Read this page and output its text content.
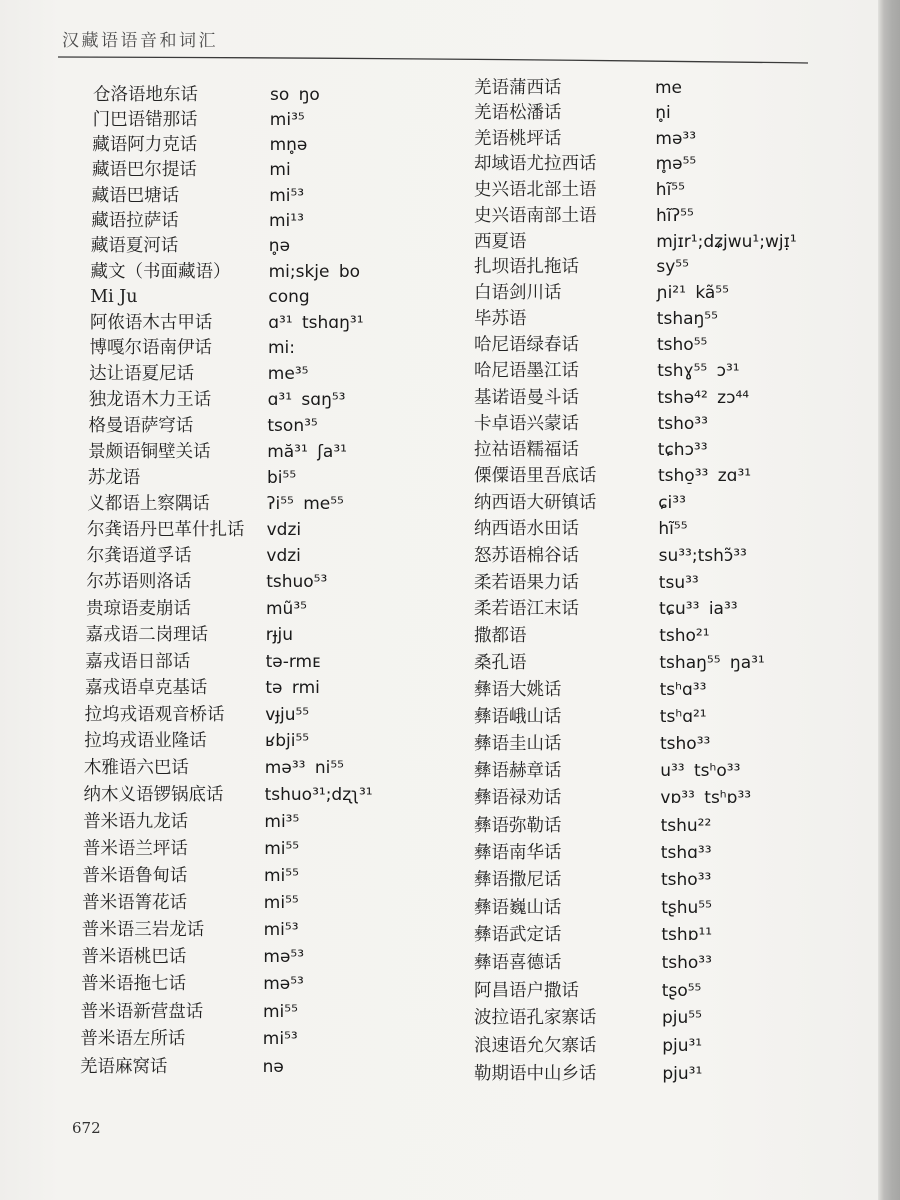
汉藏语语音和词汇
仓洛语地东话	so ŋo
门巴语错那话	mi³⁵
藏语阿力克话	mn̥ə
藏语巴尔提话	mi
藏语巴塘话	mi⁵³
藏语拉萨话	mi¹³
藏语夏河话	n̥ə
藏文（书面藏语） mi;skje bo
Mi Ju	cong
阿侬语木古甲话	ɑ³¹ tshɑŋ³¹
博嘎尔语南伊话	mi:
达让语夏尼话	me³⁵
独龙语木力王话	ɑ³¹ sɑŋ⁵³
格曼语萨穹话	tson³⁵
景颇语铜壁关话	mă³¹ ʃa³¹
苏龙语	bi⁵⁵
义都语上察隅话	ʔi⁵⁵ me⁵⁵
尔龚语丹巴革什扎话 vdzi
尔龚语道孚话	vdzi
尔苏语则洛话	tshuo⁵³
贵琼语麦崩话	mũ³⁵
嘉戎语二岗理话	rɟju
嘉戎语日部话	tə-rmᴇ
嘉戎语卓克基话	tə rmi
拉坞戎语观音桥话 vɟju⁵⁵
拉坞戎语业隆话	ʁbji⁵⁵
木雅语六巴话	mə³³ ni⁵⁵
纳木义语锣锅底话 tshuo³¹;dʐʅ³¹
普米语九龙话	mi³⁵
普米语兰坪话	mi⁵⁵
普米语鲁甸话	mi⁵⁵
普米语箐花话	mi⁵⁵
普米语三岩龙话	mi⁵³
普米语桃巴话	mə⁵³
普米语拖七话	mə⁵³
普米语新营盘话	mi⁵⁵
普米语左所话	mi⁵³
羌语麻窝话	nə
羌语蒲西话	me
羌语松潘话	n̥i
羌语桃坪话	mə³³
却域语尤拉西话	m̥ə⁵⁵
史兴语北部土语	hĩ⁵⁵
史兴语南部土语	hĩʔ⁵⁵
西夏语	mjɪr¹;dʑjwu¹;wjɪ̣¹
扎坝语扎拖话	sy⁵⁵
白语剑川话	ɲi²¹ kã⁵⁵
毕苏语	tshaŋ⁵⁵
哈尼语绿春话	tsho⁵⁵
哈尼语墨江话	tshɣ⁵⁵ ɔ³¹
基诺语曼斗话	tshə⁴² zɔ⁴⁴
卡卓语兴蒙话	tsho³³
拉祜语糯福话	tɕhɔ³³
傈僳语里吾底话	tsho̠³³ zɑ³¹
纳西语大研镇话	ɕi³³
纳西语水田话	hĩ⁵⁵
怒苏语棉谷话	su³³;tshɔ̃³³
柔若语果力话	tsu³³
柔若语江末话	tɕu³³ ia³³
撒都语	tsho²¹
桑孔语	tshaŋ⁵⁵ ŋa³¹
彝语大姚话	tsʰɑ³³
彝语峨山话	tsʰɑ²¹
彝语圭山话	tsho³³
彝语赫章话	u³³ tsʰo³³
彝语禄劝话	vɒ³³ tsʰɒ³³
彝语弥勒话	tshu²²
彝语南华话	tshɑ³³
彝语撒尼话	tsho³³
彝语巍山话	tʂhu⁵⁵
彝语武定话	tshɒ¹¹
彝语喜德话	tsho³³
阿昌语户撒话	tʂo⁵⁵
波拉语孔家寨话	pju⁵⁵
浪速语允欠寨话	pju³¹
勒期语中山乡话	pju³¹
672
